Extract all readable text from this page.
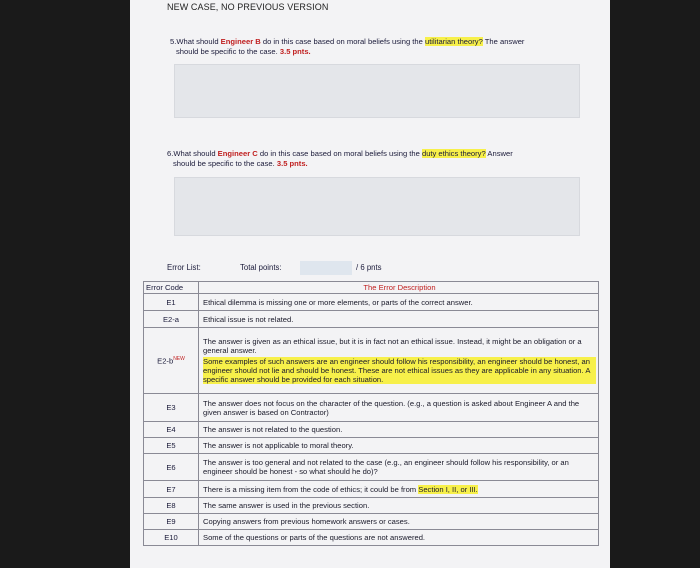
NEW CASE, NO PREVIOUS VERSION
5.What should Engineer B do in this case based on moral beliefs using the utilitarian theory? The answer
should be specific to the case. 3.5 pnts.
6.What should Engineer C do in this case based on moral beliefs using the duty ethics theory? Answer
should be specific to the case. 3.5 pnts.
Error List:	Total points:	/ 6 pnts
Error Code	The Error Description
E1	Ethical dilemma is missing one or more elements, or parts of the correct answer.
E2-a	Ethical issue is not related.
$E2-b^{NEW}$	The answer is given as an ethical issue, but it is in fact not an ethical issue. Instead, it might be an obligation or a general answer.
Some examples of such answers are an engineer should follow his responsibility, an engineer should be honest, an engineer should not lie and should be honest. These are not ethical issues as they are applicable in any situation. A specific answer should be provided for each situation.

E3	The answer does not focus on the character of the question. (e.g., a question is asked about Engineer A and the given answer is based on Contractor)
E4	The answer is not related to the question.
E5	The answer is not applicable to moral theory.
E6	The answer is too general and not related to the case (e.g., an engineer should follow his responsibility, or an engineer should be honest - so what should he do)?
E7	There is a missing item from the code of ethics; it could be from Section I, II, or III.
E8	The same answer is used in the previous section.
E9	Copying answers from previous homework answers or cases.
E10	Some of the questions or parts of the questions are not answered.
